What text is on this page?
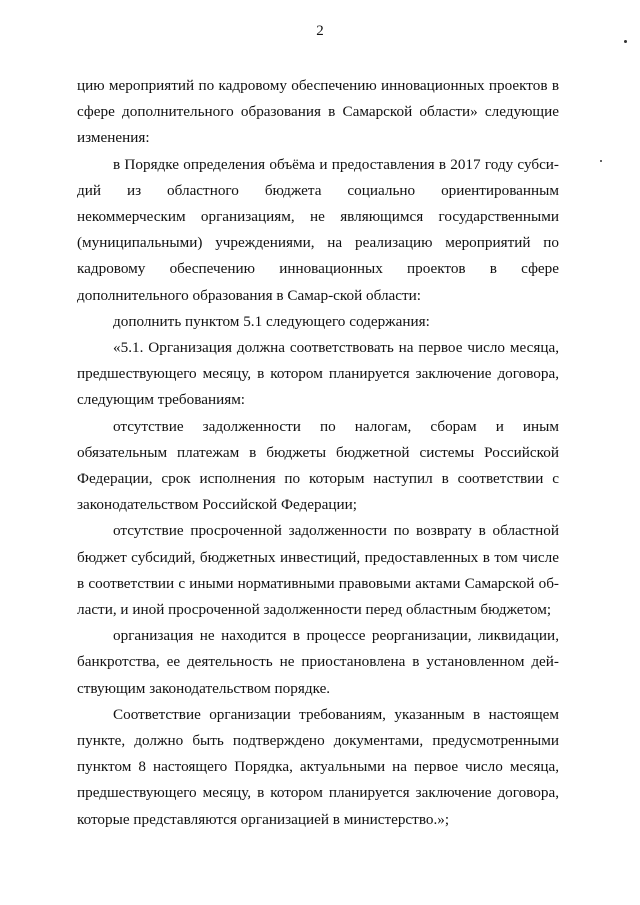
2

цию мероприятий по кадровому обеспечению инновационных проектов в сфере дополнительного образования в Самарской области» следующие изменения:

в Порядке определения объёма и предоставления в 2017 году субси-дий из областного бюджета социально ориентированным некоммерческим организациям, не являющимся государственными (муниципальными) учреждениями, на реализацию мероприятий по кадровому обеспечению инновационных проектов в сфере дополнительного образования в Самар-ской области:

дополнить пунктом 5.1 следующего содержания:

«5.1. Организация должна соответствовать на первое число месяца, предшествующего месяцу, в котором планируется заключение договора, следующим требованиям:

отсутствие задолженности по налогам, сборам и иным обязательным платежам в бюджеты бюджетной системы Российской Федерации, срок исполнения по которым наступил в соответствии с законодательством Российской Федерации;

отсутствие просроченной задолженности по возврату в областной бюджет субсидий, бюджетных инвестиций, предоставленных в том числе в соответствии с иными нормативными правовыми актами Самарской об-ласти, и иной просроченной задолженности перед областным бюджетом;

организация не находится в процессе реорганизации, ликвидации, банкротства, ее деятельность не приостановлена в установленном дей-ствующим законодательством порядке.

Соответствие организации требованиям, указанным в настоящем пункте, должно быть подтверждено документами, предусмотренными пунктом 8 настоящего Порядка, актуальными на первое число месяца, предшествующего месяцу, в котором планируется заключение договора, которые представляются организацией в министерство.»;
